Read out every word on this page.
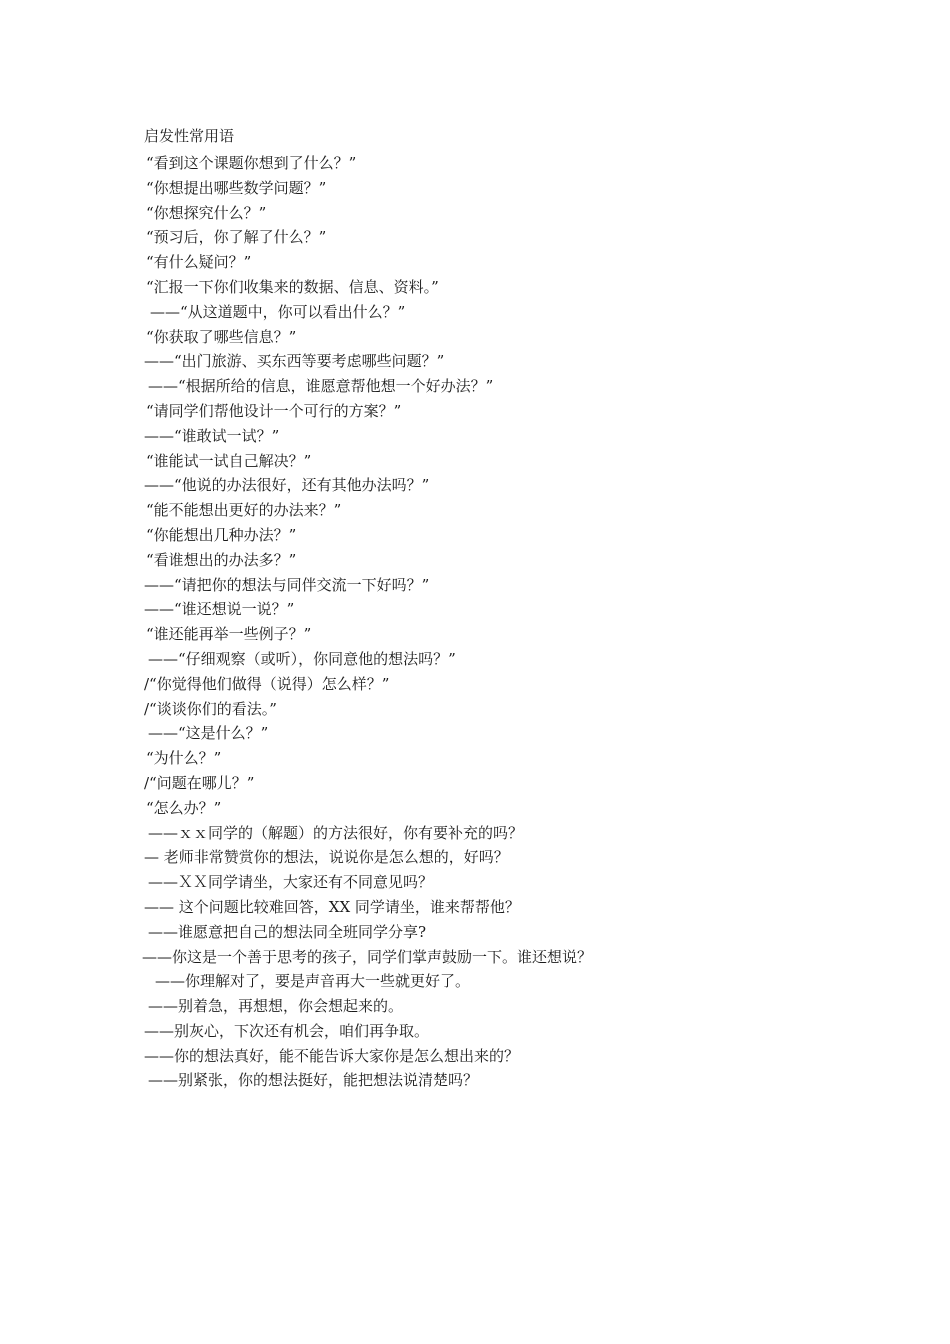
启发性常用语
“看到这个课题你想到了什么？”
“你想提出哪些数学问题？”
“你想探究什么？”
“预习后，你了解了什么？”
“有什么疑问？”
“汇报一下你们收集来的数据、信息、资料。”
——“从这道题中，你可以看出什么？”
“你获取了哪些信息？”
——“出门旅游、买东西等要考虑哪些问题？”
——“根据所给的信息，谁愿意帮他想一个好办法？”
“请同学们帮他设计一个可行的方案？”
——“谁敢试一试？”
“谁能试一试自己解决？”
——“他说的办法很好，还有其他办法吗？”
“能不能想出更好的办法来？”
“你能想出几种办法？”
“看谁想出的办法多？”
——“请把你的想法与同伴交流一下好吗？”
——“谁还想说一说？”
“谁还能再举一些例子？”
——“仔细观察（或听），你同意他的想法吗？”
/“你觉得他们做得（说得）怎么样？”
/“谈谈你们的看法。”
——“这是什么？”
“为什么？”
/“问题在哪儿？”
“怎么办？”
——ｘｘ同学的（解题）的方法很好，你有要补充的吗？
— 老师非常赞赏你的想法，说说你是怎么想的，好吗？
——ＸＸ同学请坐，大家还有不同意见吗？
—— 这个问题比较难回答，XX 同学请坐，谁来帮帮他？
——谁愿意把自己的想法同全班同学分享?
——你这是一个善于思考的孩子，同学们掌声鼓励一下。谁还想说？
——你理解对了，要是声音再大一些就更好了。
——别着急，再想想，你会想起来的。
——别灰心，下次还有机会，咱们再争取。
——你的想法真好，能不能告诉大家你是怎么想出来的？
——别紧张，你的想法挺好，能把想法说清楚吗？
